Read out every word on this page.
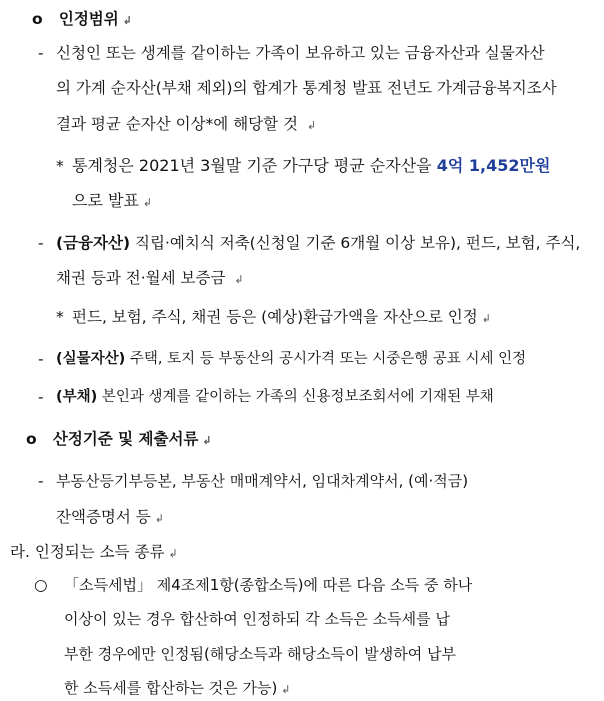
o 인정범위 ↲
- 신청인 또는 생계를 같이하는 가족이 보유하고 있는 금융자산과 실물자산
의 가계 순자산(부채 제외)의 합계가 통계청 발표 전년도 가계금융복지조사
결과 평균 순자산 이상*에 해당할 것 ↲
* 통계청은 2021년 3월말 기준 가구당 평균 순자산을 4억 1,452만원
으로 발표 ↲
- (금융자산) 직립·예치식 저축(신청일 기준 6개월 이상 보유), 펀드, 보험, 주식,
채권 등과 전·월세 보증금 ↲
* 펀드, 보험, 주식, 채권 등은 (예상)환급가액을 자산으로 인정 ↲
- (실물자산) 주택, 토지 등 부동산의 공시가격 또는 시중은행 공표 시세 인정
- (부채) 본인과 생계를 같이하는 가족의 신용정보조회서에 기재된 부채
o 산정기준 및 제출서류 ↲
- 부동산등기부등본, 부동산 매매계약서, 임대차계약서, (예·적금)
잔액증명서 등 ↲
라. 인정되는 소득 종류 ↲
○ 「소득세법」 제4조제1항(종합소득)에 따른 다음 소득 중 하나
이상이 있는 경우 합산하여 인정하되 각 소득은 소득세를 납
부한 경우에만 인정됨(해당소득과 해당소득이 발생하여 납부
한 소득세를 합산하는 것은 가능) ↲
